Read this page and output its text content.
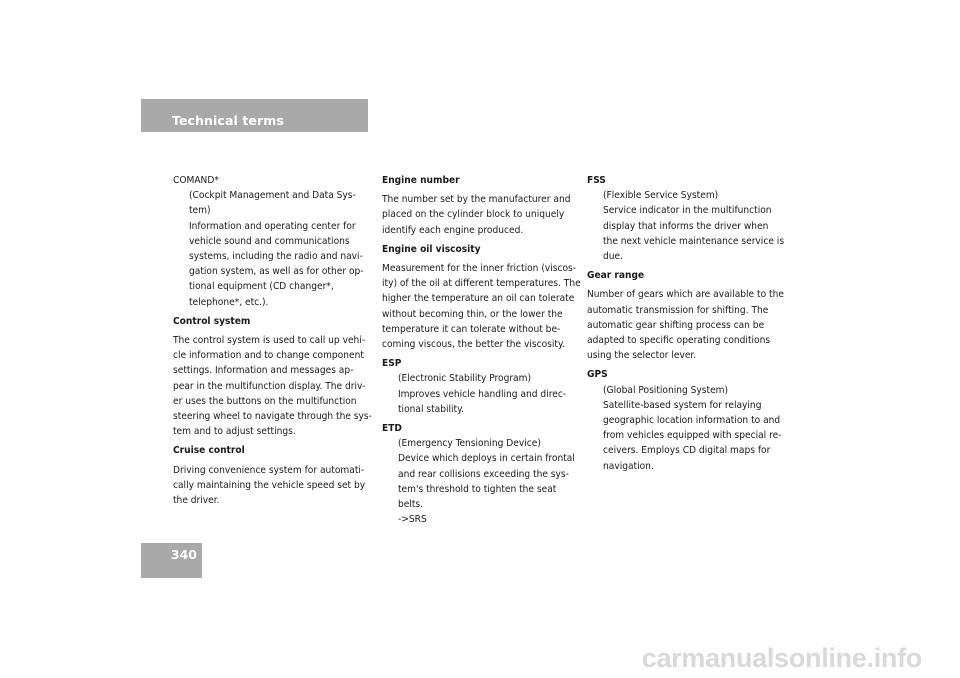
Technical terms

COMAND*

(Cockpit Management and Data Sys-
tem)
Information and operating center for
vehicle sound and communications
systems, including the radio and navi-
gation system, as well as for other op-
tional equipment (CD changer*,
telephone*, etc.).

Control system

The control system is used to call up vehi-
cle information and to change component
settings. Information and messages ap-
pear in the multifunction display. The driv-
er uses the buttons on the multifunction
steering wheel to navigate through the sys-
tem and to adjust settings.

Cruise control

Driving convenience system for automati-
cally maintaining the vehicle speed set by
the driver.

Engine number

The number set by the manufacturer and
placed on the cylinder block to uniquely
identify each engine produced.

Engine oil viscosity

Measurement for the inner friction (viscos-
ity) of the oil at different temperatures. The
higher the temperature an oil can tolerate
without becoming thin, or the lower the
temperature it can tolerate without be-
coming viscous, the better the viscosity.

ESP

(Electronic Stability Program)
Improves vehicle handling and direc-
tional stability.

ETD

(Emergency Tensioning Device)
Device which deploys in certain frontal
and rear collisions exceeding the sys-
tem's threshold to tighten the seat
belts.
->SRS

FSS

(Flexible Service System)
Service indicator in the multifunction
display that informs the driver when
the next vehicle maintenance service is
due.

Gear range

Number of gears which are available to the
automatic transmission for shifting. The
automatic gear shifting process can be
adapted to specific operating conditions
using the selector lever.

GPS

(Global Positioning System)
Satellite-based system for relaying
geographic location information to and
from vehicles equipped with special re-
ceivers. Employs CD digital maps for
navigation.
340
carmanualsonline.info
